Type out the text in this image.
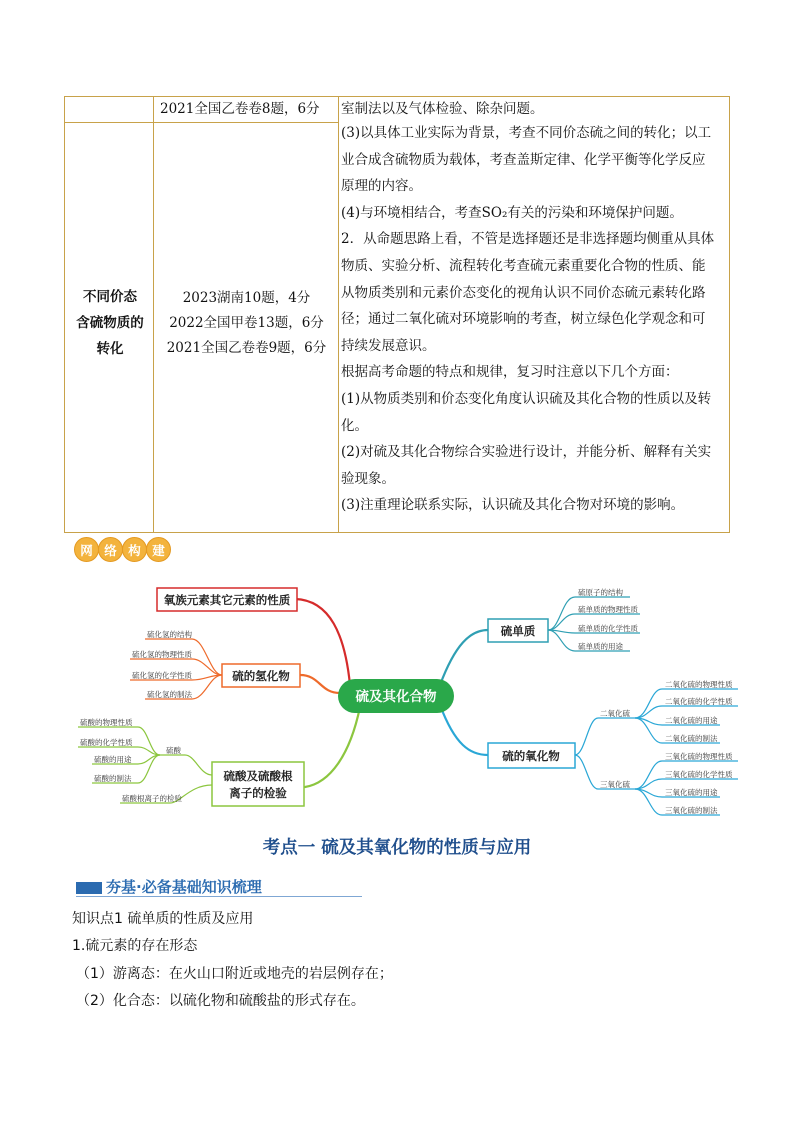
2021全国乙卷卷8题，6分 室制法以及气体检验、除杂问题。
不同价态
含硫物质的
转化
2023湖南10题，4分
2022全国甲卷13题，6分
2021全国乙卷卷9题，6分
(3)以具体工业实际为背景，考查不同价态硫之间的转化；以工
业合成含硫物质为载体，考查盖斯定律、化学平衡等化学反应
原理的内容。
(4)与环境相结合，考查SO₂有关的污染和环境保护问题。
2．从命题思路上看，不管是选择题还是非选择题均侧重从具体
物质、实验分析、流程转化考查硫元素重要化合物的性质、能
从物质类别和元素价态变化的视角认识不同价态硫元素转化路
径；通过二氧化硫对环境影响的考查，树立绿色化学观念和可
持续发展意识。
根据高考命题的特点和规律，复习时注意以下几个方面：
(1)从物质类别和价态变化角度认识硫及其化合物的性质以及转
化。
(2)对硫及其化合物综合实验进行设计，并能分析、解释有关实
验现象。
(3)注重理论联系实际，认识硫及其化合物对环境的影响。
网 络 构 建
硫及其化合物
氧族元素其它元素的性质
硫的氢化物
硫化氢的结构
硫化氢的物理性质
硫化氢的化学性质
硫化氢的制法
硫酸及硫酸根
离子的检验
硫酸
硫酸的物理性质
硫酸的化学性质
硫酸的用途
硫酸的制法
硫酸根离子的检验
硫单质
硫原子的结构
硫单质的物理性质
硫单质的化学性质
硫单质的用途
硫的氧化物
二氧化硫
三氧化硫
二氧化硫的物理性质
二氧化硫的化学性质
二氧化硫的用途
二氧化硫的制法
三氧化硫的物理性质
三氧化硫的化学性质
三氧化硫的用途
三氧化硫的制法
考点一 硫及其氧化物的性质与应用
夯基·必备基础知识梳理
知识点1 硫单质的性质及应用
1.硫元素的存在形态
（1）游离态：在火山口附近或地壳的岩层例存在；
（2）化合态：以硫化物和硫酸盐的形式存在。
